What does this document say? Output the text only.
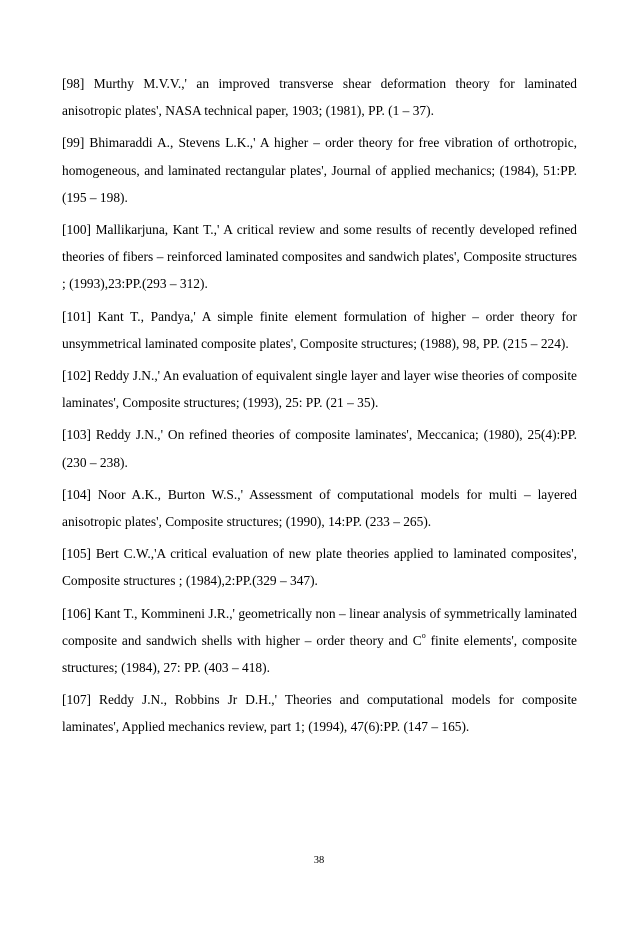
[98] Murthy M.V.V.,' an improved transverse shear deformation theory for laminated anisotropic plates', NASA technical paper, 1903; (1981), PP. (1 – 37).

[99] Bhimaraddi A., Stevens L.K.,' A higher – order theory for free vibration of orthotropic, homogeneous, and laminated rectangular plates', Journal of applied mechanics; (1984), 51:PP.(195 – 198).

[100] Mallikarjuna, Kant T.,' A critical review and some results of recently developed refined theories of fibers – reinforced laminated composites and sandwich plates', Composite structures ; (1993),23:PP.(293 – 312).

[101] Kant T., Pandya,' A simple finite element formulation of higher – order theory for unsymmetrical laminated composite plates', Composite structures; (1988), 98, PP. (215 – 224).

[102] Reddy J.N.,' An evaluation of equivalent single layer and layer wise theories of composite laminates', Composite structures; (1993), 25: PP. (21 – 35).

[103] Reddy J.N.,' On refined theories of composite laminates', Meccanica; (1980), 25(4):PP. (230 – 238).

[104] Noor A.K., Burton W.S.,' Assessment of computational models for multi – layered anisotropic plates', Composite structures; (1990), 14:PP. (233 – 265).

[105] Bert C.W.,'A critical evaluation of new plate theories applied to laminated composites', Composite structures ; (1984),2:PP.(329 – 347).

[106] Kant T., Kommineni J.R.,' geometrically non – linear analysis of symmetrically laminated composite and sandwich shells with higher – order theory and $C^o$ finite elements', composite structures; (1984), 27: PP. (403 – 418).

[107] Reddy J.N., Robbins Jr D.H.,' Theories and computational models for composite laminates', Applied mechanics review, part 1; (1994), 47(6):PP. (147 – 165).

38
